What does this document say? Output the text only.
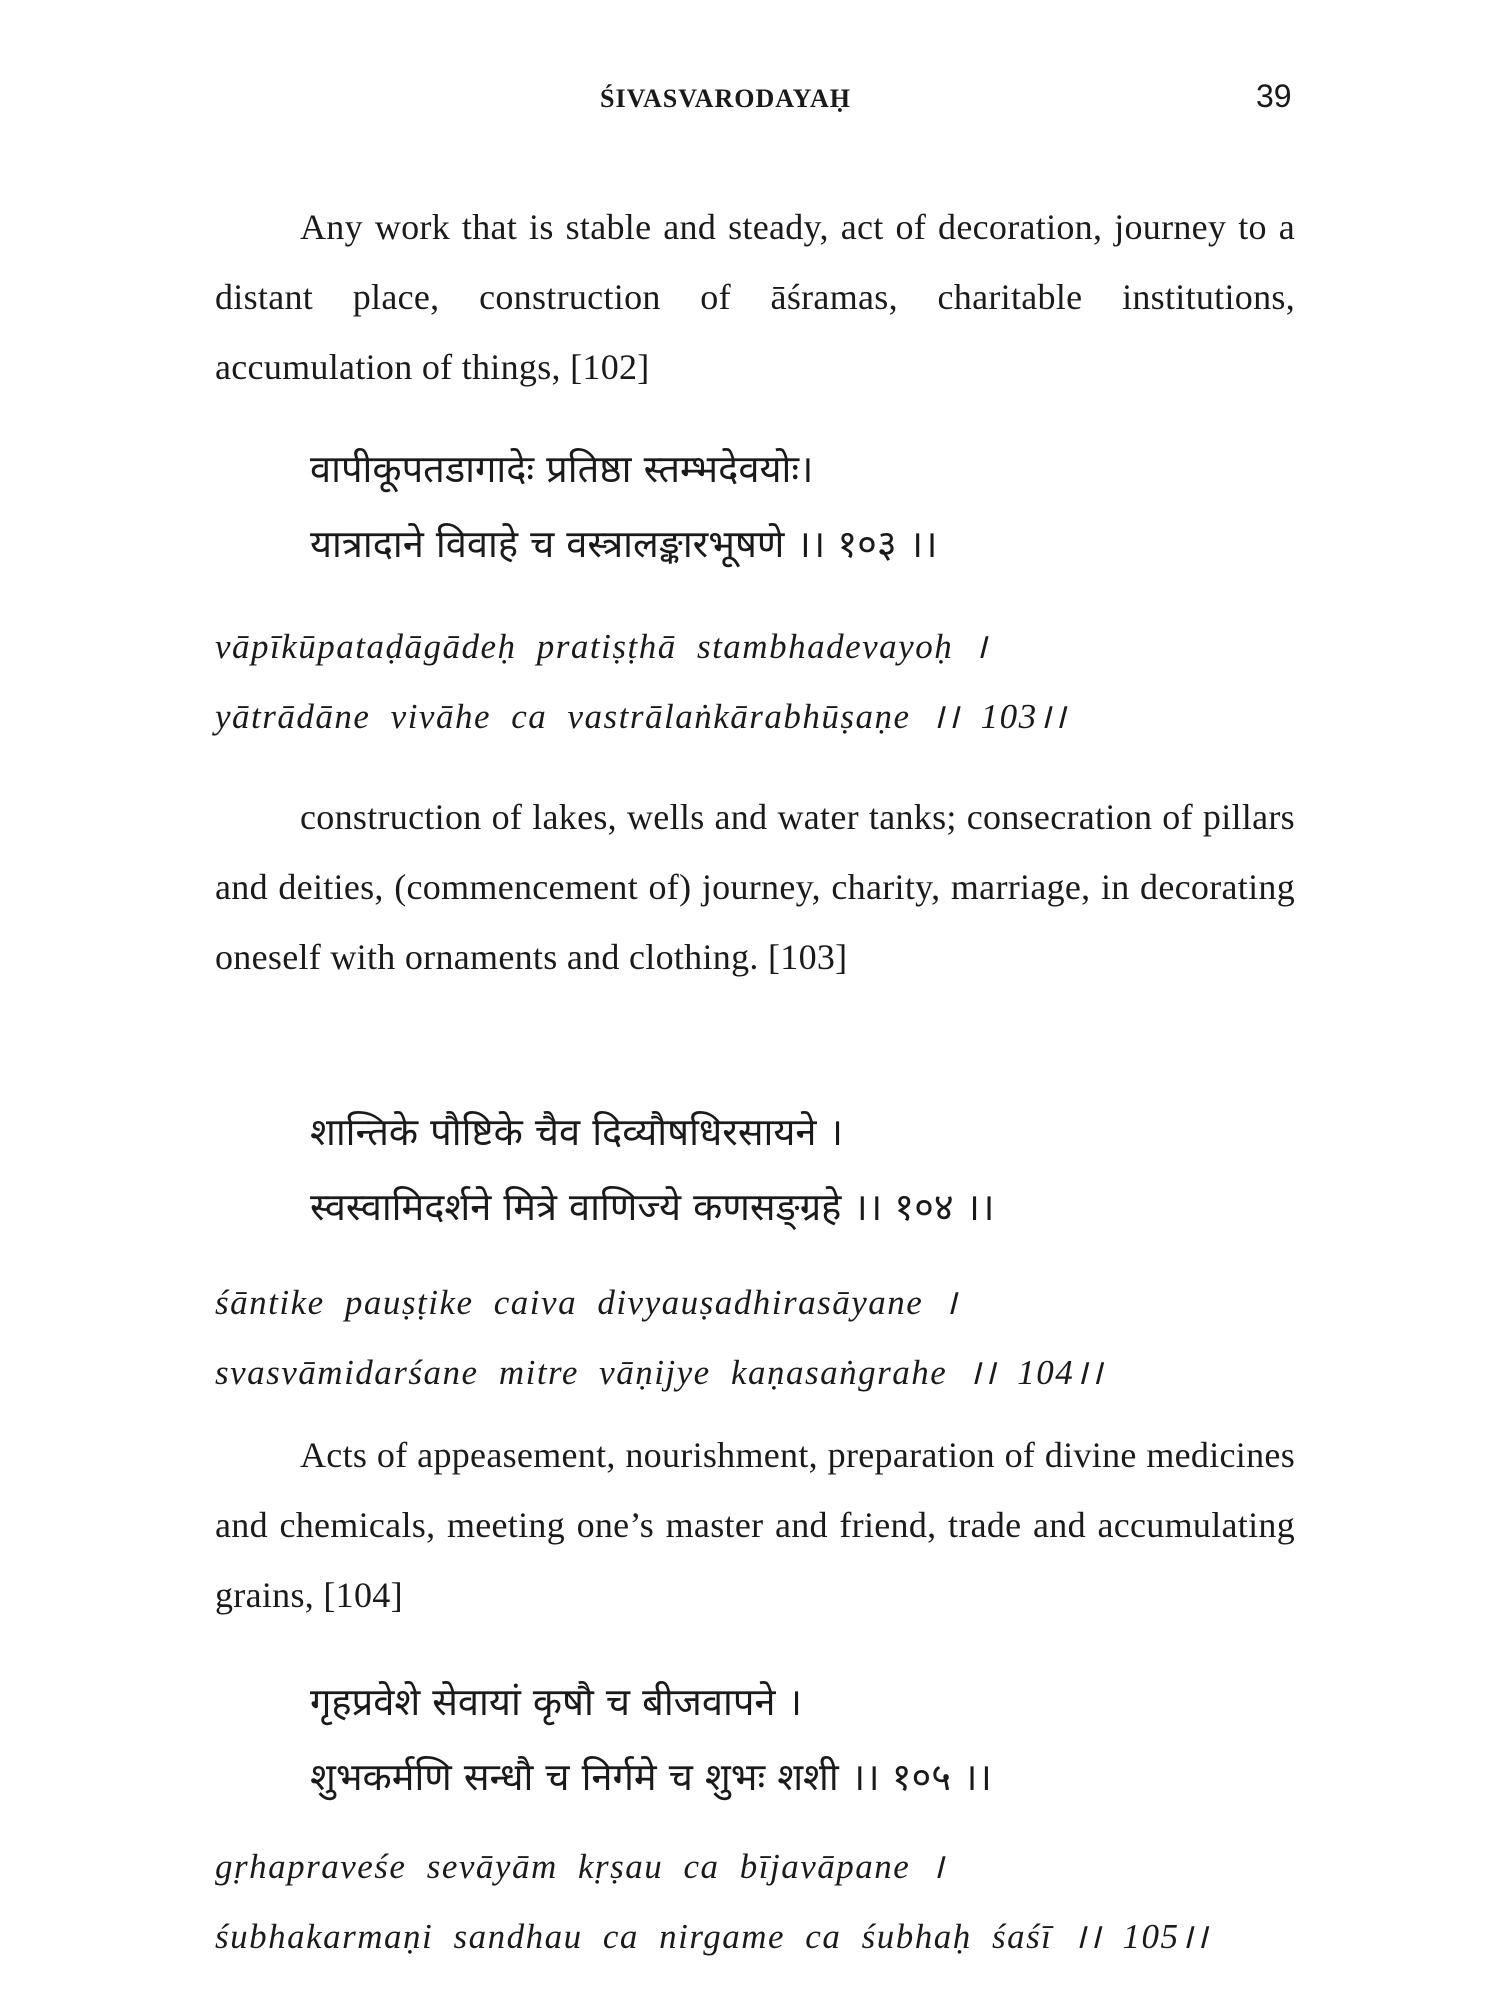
ŚIVASVARODAYAḤ	39

Any work that is stable and steady, act of decoration, journey to a distant place, construction of āśramas, charitable institutions, accumulation of things, [102]

वापीकूपतडागादेः प्रतिष्ठा स्तम्भदेवयोः।
यात्रादाने विवाहे च वस्त्रालङ्कारभूषणे ।। १०३ ।।
vāpīkūpataḍāgādeḥ pratiṣṭhā stambhadevayoḥ ।
yātrādāne vivāhe ca vastrālaṅkārabhūṣaṇe ।। 103।।

construction of lakes, wells and water tanks; consecration of pillars and deities, (commencement of) journey, charity, marriage, in decorating oneself with ornaments and clothing. [103]

शान्तिके पौष्टिके चैव दिव्यौषधिरसायने ।
स्वस्वामिदर्शने मित्रे वाणिज्ये कणसङ्ग्रहे ।। १०४ ।।
śāntike pauṣṭike caiva divyauṣadhirasāyane ।
svasvāmidarśane mitre vāṇijye kaṇasaṅgrahe ।। 104।।

Acts of appeasement, nourishment, preparation of divine medicines and chemicals, meeting one’s master and friend, trade and accumulating grains, [104]

गृहप्रवेशे सेवायां कृषौ च बीजवापने ।
शुभकर्मणि सन्धौ च निर्गमे च शुभः शशी ।। १०५ ।।
gṛhapraveśe sevāyām kṛṣau ca bījavāpane ।
śubhakarmaṇi sandhau ca nirgame ca śubhaḥ śaśī ।। 105।।
